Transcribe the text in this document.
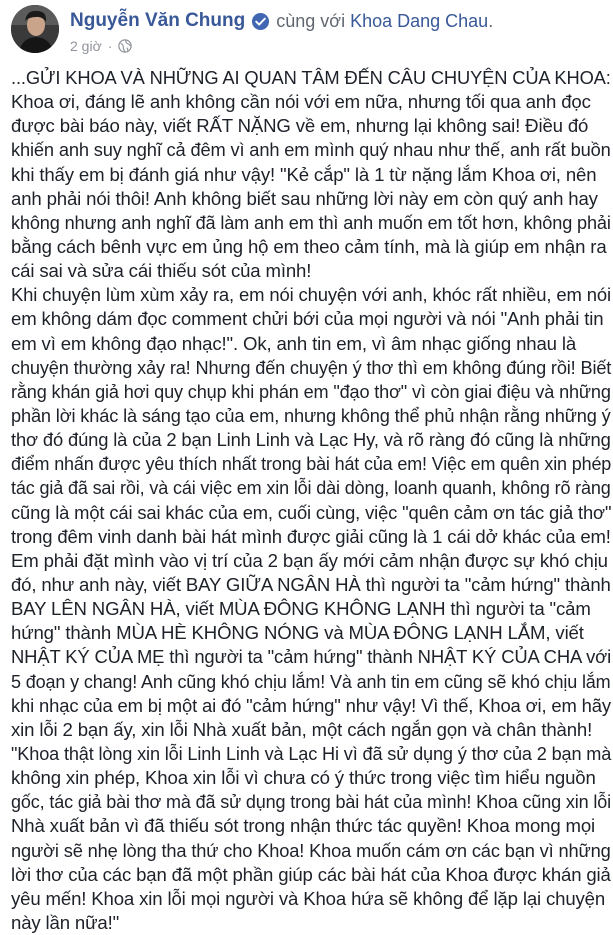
Nguyễn Văn Chung cùng với Khoa Dang Chau .
2 giờ ·
...GỬI KHOA VÀ NHỮNG AI QUAN TÂM ĐẾN CÂU CHUYỆN CỦA KHOA:
Khoa ơi, đáng lẽ anh không cần nói với em nữa, nhưng tối qua anh đọc
được bài báo này, viết RẤT NẶNG về em, nhưng lại không sai! Điều đó
khiến anh suy nghĩ cả đêm vì anh em mình quý nhau như thế, anh rất buồn
khi thấy em bị đánh giá như vậy! "Kẻ cắp" là 1 từ nặng lắm Khoa ơi, nên
anh phải nói thôi! Anh không biết sau những lời này em còn quý anh hay
không nhưng anh nghĩ đã làm anh em thì anh muốn em tốt hơn, không phải
bằng cách bênh vực em ủng hộ em theo cảm tính, mà là giúp em nhận ra
cái sai và sửa cái thiếu sót của mình!
Khi chuyện lùm xùm xảy ra, em nói chuyện với anh, khóc rất nhiều, em nói
em không dám đọc comment chửi bới của mọi người và nói "Anh phải tin
em vì em không đạo nhạc!". Ok, anh tin em, vì âm nhạc giống nhau là
chuyện thường xảy ra! Nhưng đến chuyện ý thơ thì em không đúng rồi! Biết
rằng khán giả hơi quy chụp khi phán em "đạo thơ" vì còn giai điệu và những
phần lời khác là sáng tạo của em, nhưng không thể phủ nhận rằng những ý
thơ đó đúng là của 2 bạn Linh Linh và Lạc Hy, và rõ ràng đó cũng là những
điểm nhấn được yêu thích nhất trong bài hát của em! Việc em quên xin phép
tác giả đã sai rồi, và cái việc em xin lỗi dài dòng, loanh quanh, không rõ ràng
cũng là một cái sai khác của em, cuối cùng, việc "quên cảm ơn tác giả thơ"
trong đêm vinh danh bài hát mình được giải cũng là 1 cái dở khác của em!
Em phải đặt mình vào vị trí của 2 bạn ấy mới cảm nhận được sự khó chịu
đó, như anh này, viết BAY GIỮA NGÂN HÀ thì người ta "cảm hứng" thành
BAY LÊN NGÂN HÀ, viết MÙA ĐÔNG KHÔNG LẠNH thì người ta "cảm
hứng" thành MÙA HÈ KHÔNG NÓNG và MÙA ĐÔNG LẠNH LẮM, viết
NHẬT KÝ CỦA MẸ thì người ta "cảm hứng" thành NHẬT KÝ CỦA CHA với
5 đoạn y chang! Anh cũng khó chịu lắm! Và anh tin em cũng sẽ khó chịu lắm
khi nhạc của em bị một ai đó "cảm hứng" như vậy! Vì thế, Khoa ơi, em hãy
xin lỗi 2 bạn ấy, xin lỗi Nhà xuất bản, một cách ngắn gọn và chân thành!
"Khoa thật lòng xin lỗi Linh Linh và Lạc Hi vì đã sử dụng ý thơ của 2 bạn mà
không xin phép, Khoa xin lỗi vì chưa có ý thức trong việc tìm hiểu nguồn
gốc, tác giả bài thơ mà đã sử dụng trong bài hát của mình! Khoa cũng xin lỗi
Nhà xuất bản vì đã thiếu sót trong nhận thức tác quyền! Khoa mong mọi
người sẽ nhẹ lòng tha thứ cho Khoa! Khoa muốn cám ơn các bạn vì những
lời thơ của các bạn đã một phần giúp các bài hát của Khoa được khán giả
yêu mến! Khoa xin lỗi mọi người và Khoa hứa sẽ không để lặp lại chuyện
này lần nữa!"
